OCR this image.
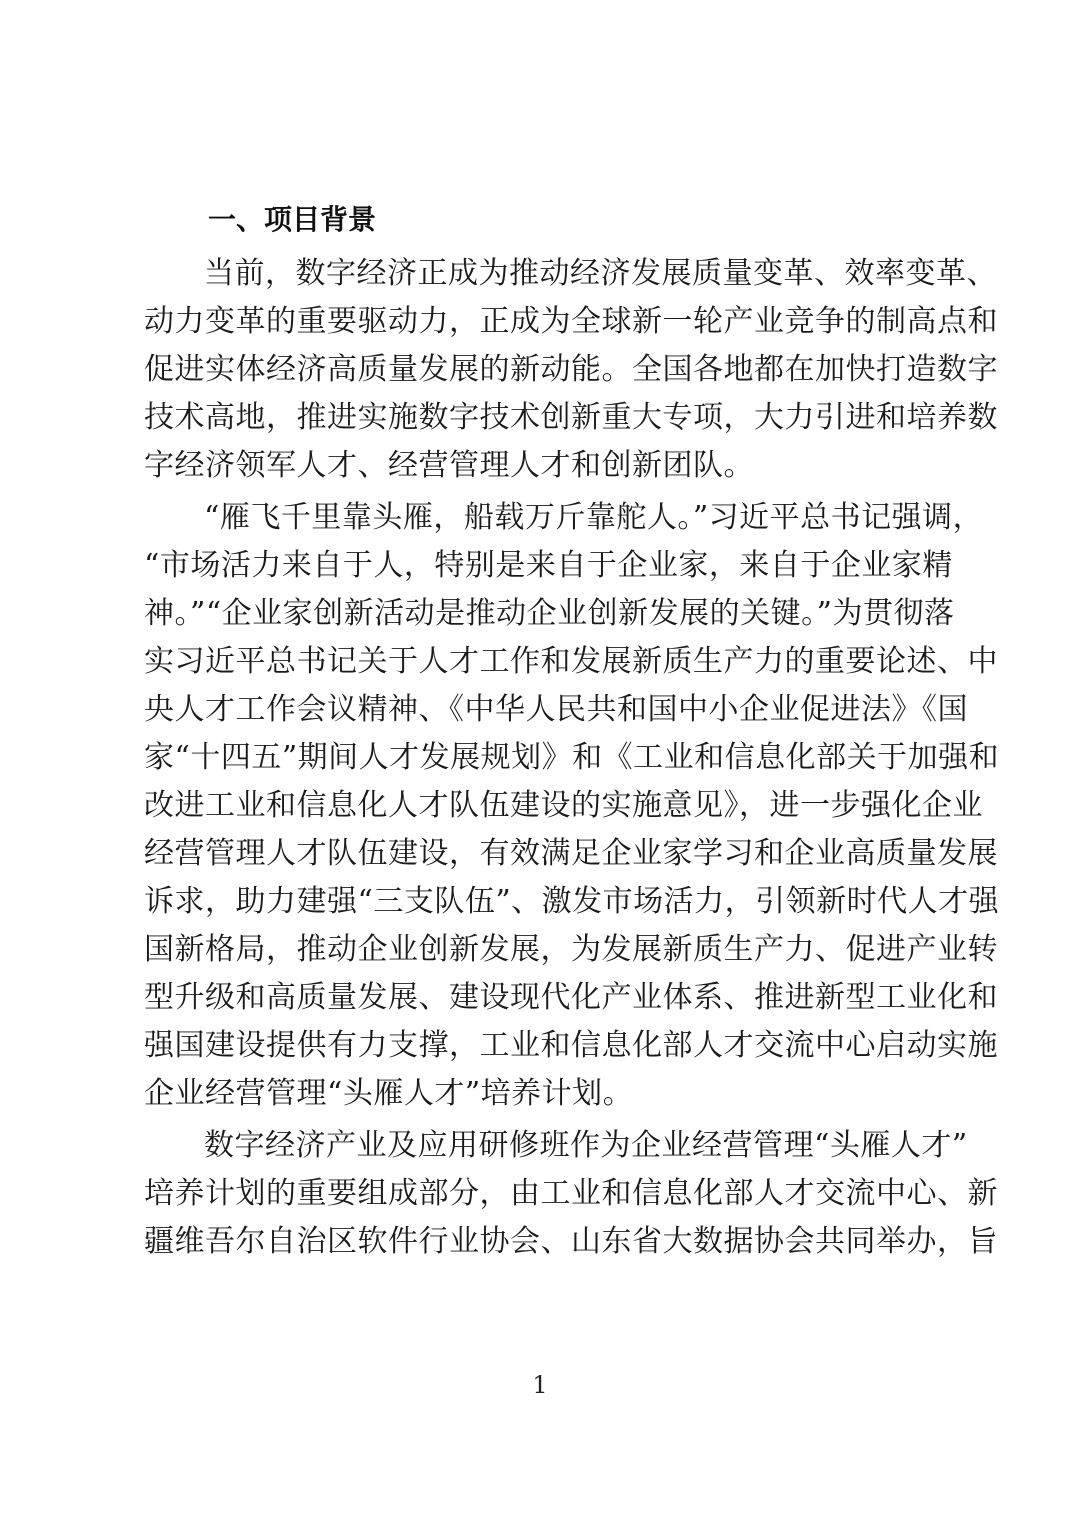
一、项目背景

当前，数字经济正成为推动经济发展质量变革、效率变革、
动力变革的重要驱动力，正成为全球新一轮产业竞争的制高点和
促进实体经济高质量发展的新动能。全国各地都在加快打造数字
技术高地，推进实施数字技术创新重大专项，大力引进和培养数
字经济领军人才、经营管理人才和创新团队。

“雁飞千里靠头雁，船载万斤靠舵人。”习近平总书记强调，
“市场活力来自于人，特别是来自于企业家，来自于企业家精
神。”“企业家创新活动是推动企业创新发展的关键。”为贯彻落
实习近平总书记关于人才工作和发展新质生产力的重要论述、中
央人才工作会议精神、《中华人民共和国中小企业促进法》《国
家“十四五”期间人才发展规划》和《工业和信息化部关于加强和
改进工业和信息化人才队伍建设的实施意见》，进一步强化企业
经营管理人才队伍建设，有效满足企业家学习和企业高质量发展
诉求，助力建强“三支队伍”、激发市场活力，引领新时代人才强
国新格局，推动企业创新发展，为发展新质生产力、促进产业转
型升级和高质量发展、建设现代化产业体系、推进新型工业化和
强国建设提供有力支撑，工业和信息化部人才交流中心启动实施
企业经营管理“头雁人才”培养计划。

数字经济产业及应用研修班作为企业经营管理“头雁人才”
培养计划的重要组成部分，由工业和信息化部人才交流中心、新
疆维吾尔自治区软件行业协会、山东省大数据协会共同举办，旨

1
